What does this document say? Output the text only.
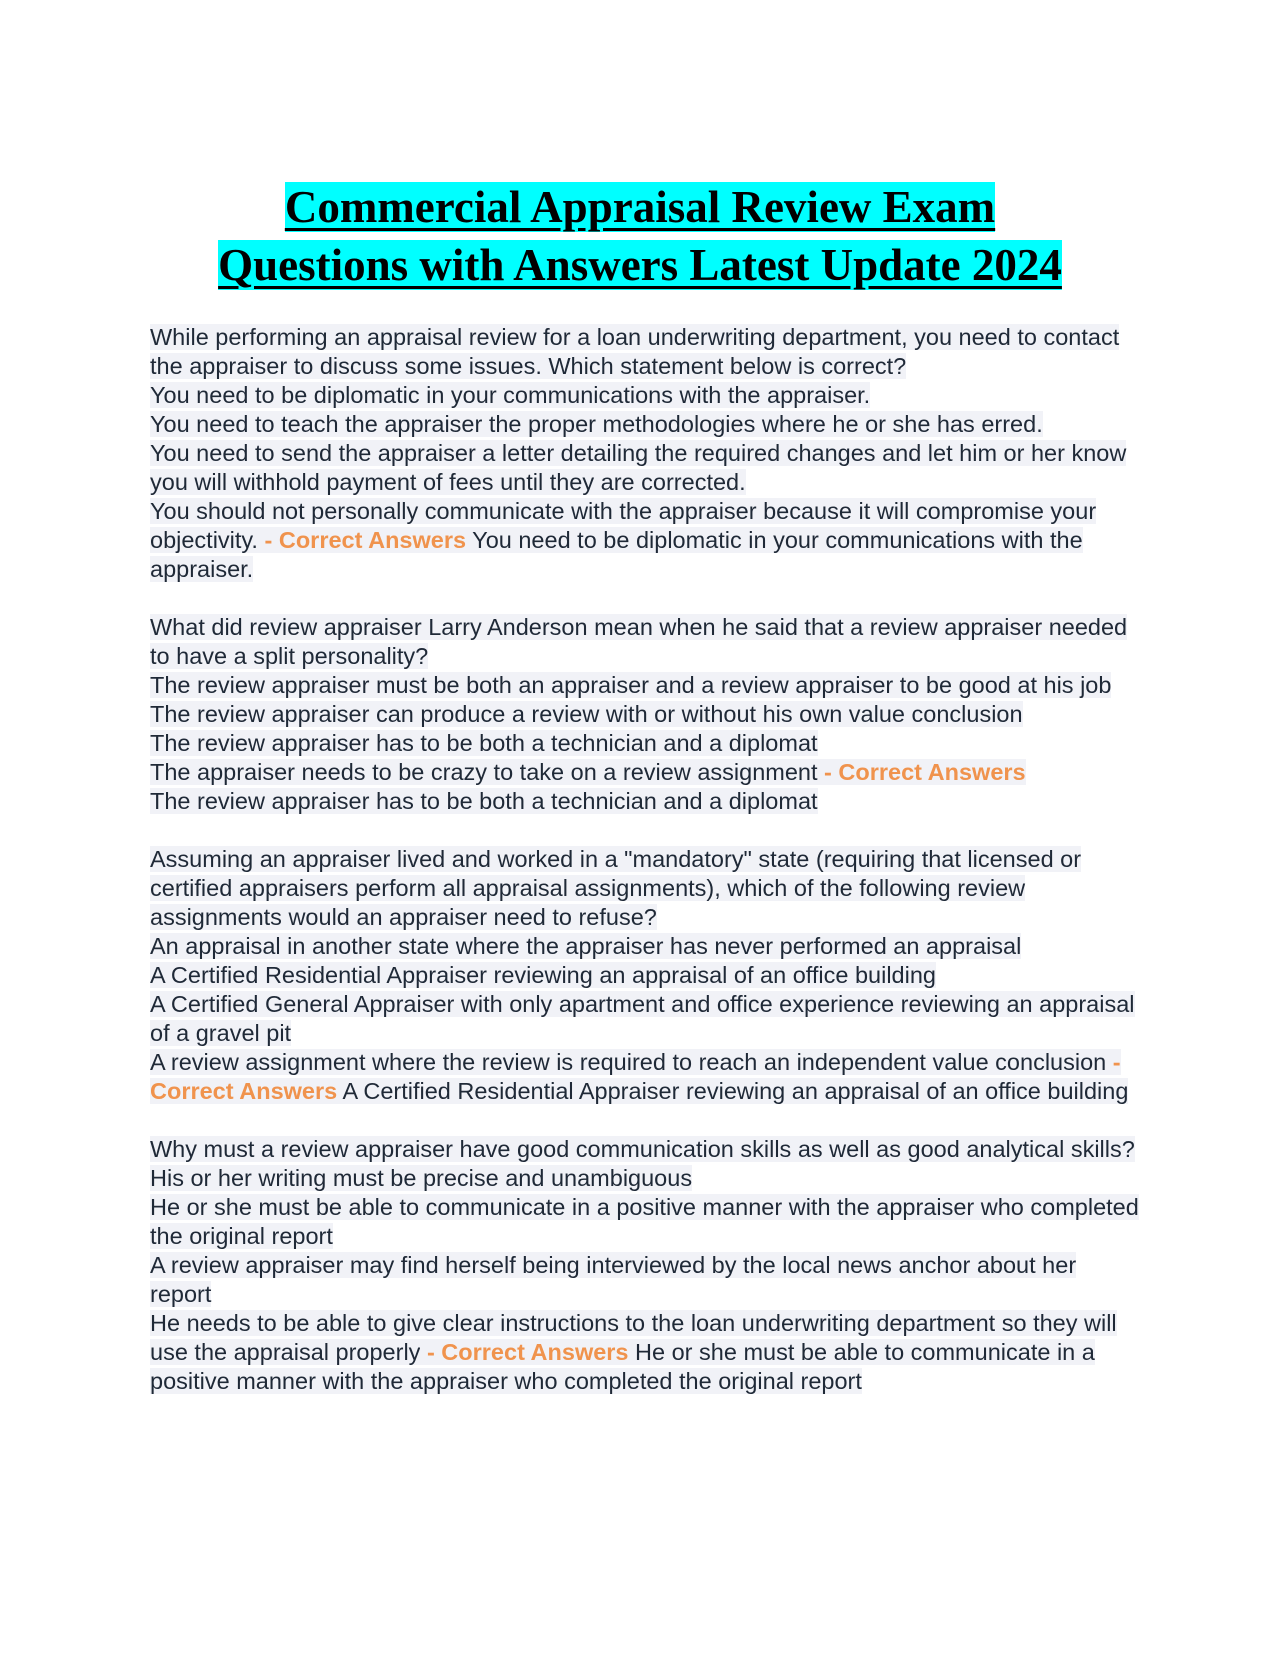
Commercial Appraisal Review Exam
Questions with Answers Latest Update 2024
While performing an appraisal review for a loan underwriting department, you need to contact the appraiser to discuss some issues. Which statement below is correct?
You need to be diplomatic in your communications with the appraiser.
You need to teach the appraiser the proper methodologies where he or she has erred.
You need to send the appraiser a letter detailing the required changes and let him or her know you will withhold payment of fees until they are corrected.
You should not personally communicate with the appraiser because it will compromise your objectivity. - Correct Answers You need to be diplomatic in your communications with the appraiser.
What did review appraiser Larry Anderson mean when he said that a review appraiser needed to have a split personality?
The review appraiser must be both an appraiser and a review appraiser to be good at his job
The review appraiser can produce a review with or without his own value conclusion
The review appraiser has to be both a technician and a diplomat
The appraiser needs to be crazy to take on a review assignment - Correct Answers
The review appraiser has to be both a technician and a diplomat
Assuming an appraiser lived and worked in a "mandatory" state (requiring that licensed or certified appraisers perform all appraisal assignments), which of the following review assignments would an appraiser need to refuse?
An appraisal in another state where the appraiser has never performed an appraisal
A Certified Residential Appraiser reviewing an appraisal of an office building
A Certified General Appraiser with only apartment and office experience reviewing an appraisal of a gravel pit
A review assignment where the review is required to reach an independent value conclusion - Correct Answers A Certified Residential Appraiser reviewing an appraisal of an office building
Why must a review appraiser have good communication skills as well as good analytical skills?
His or her writing must be precise and unambiguous
He or she must be able to communicate in a positive manner with the appraiser who completed the original report
A review appraiser may find herself being interviewed by the local news anchor about her report
He needs to be able to give clear instructions to the loan underwriting department so they will use the appraisal properly - Correct Answers He or she must be able to communicate in a positive manner with the appraiser who completed the original report
